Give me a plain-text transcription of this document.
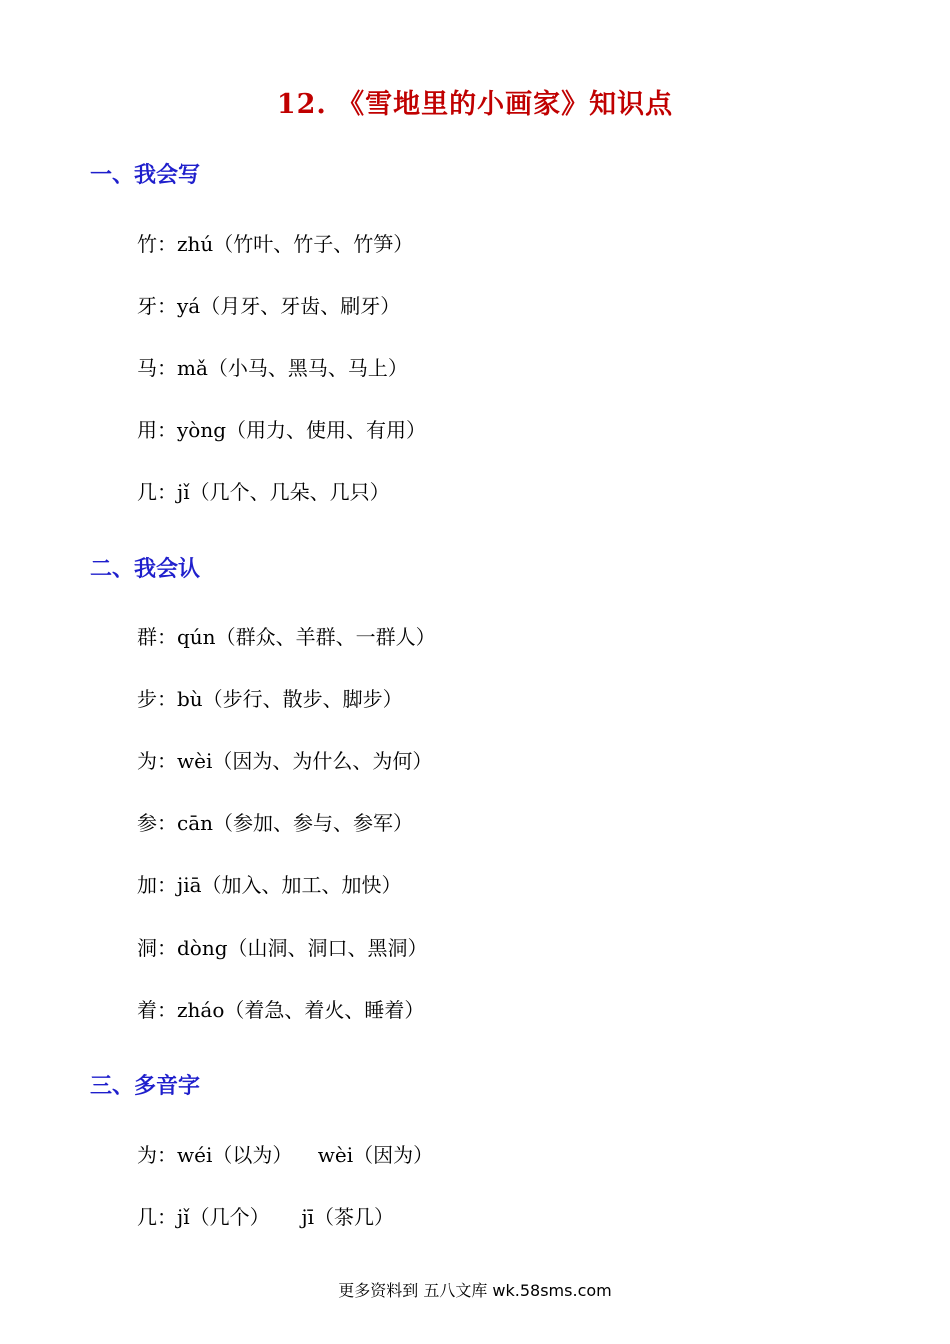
12. 《雪地里的小画家》知识点
一、我会写
竹：zhú（竹叶、竹子、竹笋）
牙：yá（月牙、牙齿、刷牙）
马：mǎ（小马、黑马、马上）
用：yòng（用力、使用、有用）
几：jǐ（几个、几朵、几只）
二、我会认
群：qún（群众、羊群、一群人）
步：bù（步行、散步、脚步）
为：wèi（因为、为什么、为何）
参：cān（参加、参与、参军）
加：jiā（加入、加工、加快）
洞：dòng（山洞、洞口、黑洞）
着：zháo（着急、着火、睡着）
三、多音字
为：wéi（以为）    wèi（因为）
几：jǐ（几个）     jī（茶几）
更多资料到 五八文库 wk.58sms.com
